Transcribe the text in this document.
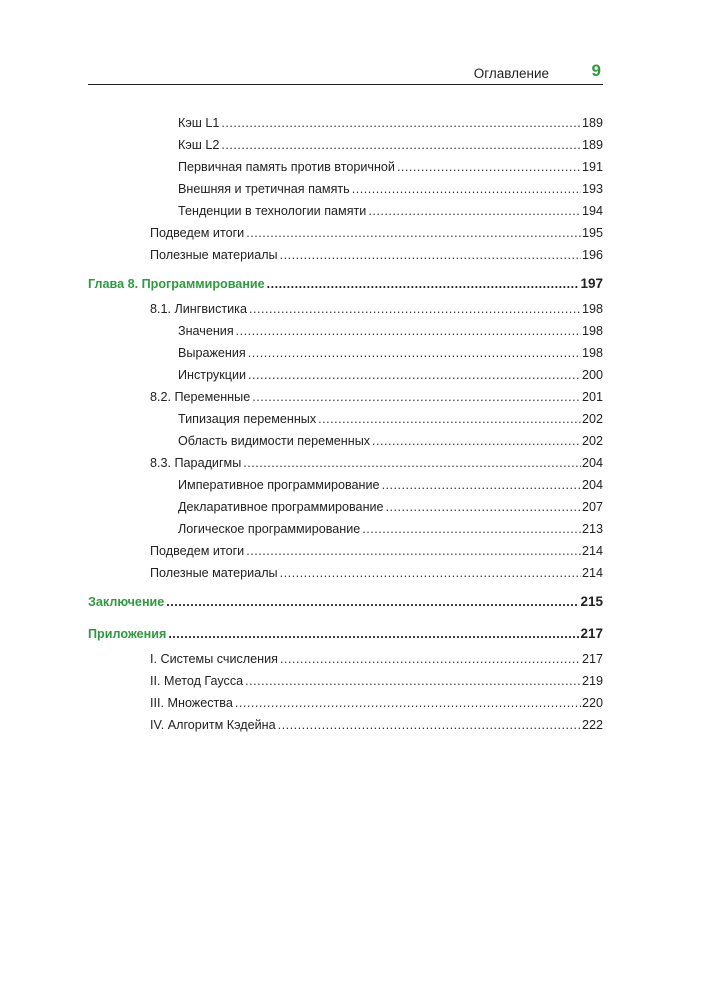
Оглавление	9
Кэш L1 .....	189
Кэш L2 .....	189
Первичная память против вторичной .....	191
Внешняя и третичная память .....	193
Тенденции в технологии памяти .....	194
Подведем итоги .....	195
Полезные материалы .....	196
Глава 8. Программирование .....	197
8.1. Лингвистика .....	198
Значения .....	198
Выражения .....	198
Инструкции .....	200
8.2. Переменные .....	201
Типизация переменных .....	202
Область видимости переменных .....	202
8.3. Парадигмы .....	204
Императивное программирование .....	204
Декларативное программирование .....	207
Логическое программирование .....	213
Подведем итоги .....	214
Полезные материалы .....	214
Заключение .....	215
Приложения .....	217
I. Системы счисления .....	217
II. Метод Гаусса .....	219
III. Множества .....	220
IV. Алгоритм Кэдейна .....	222
